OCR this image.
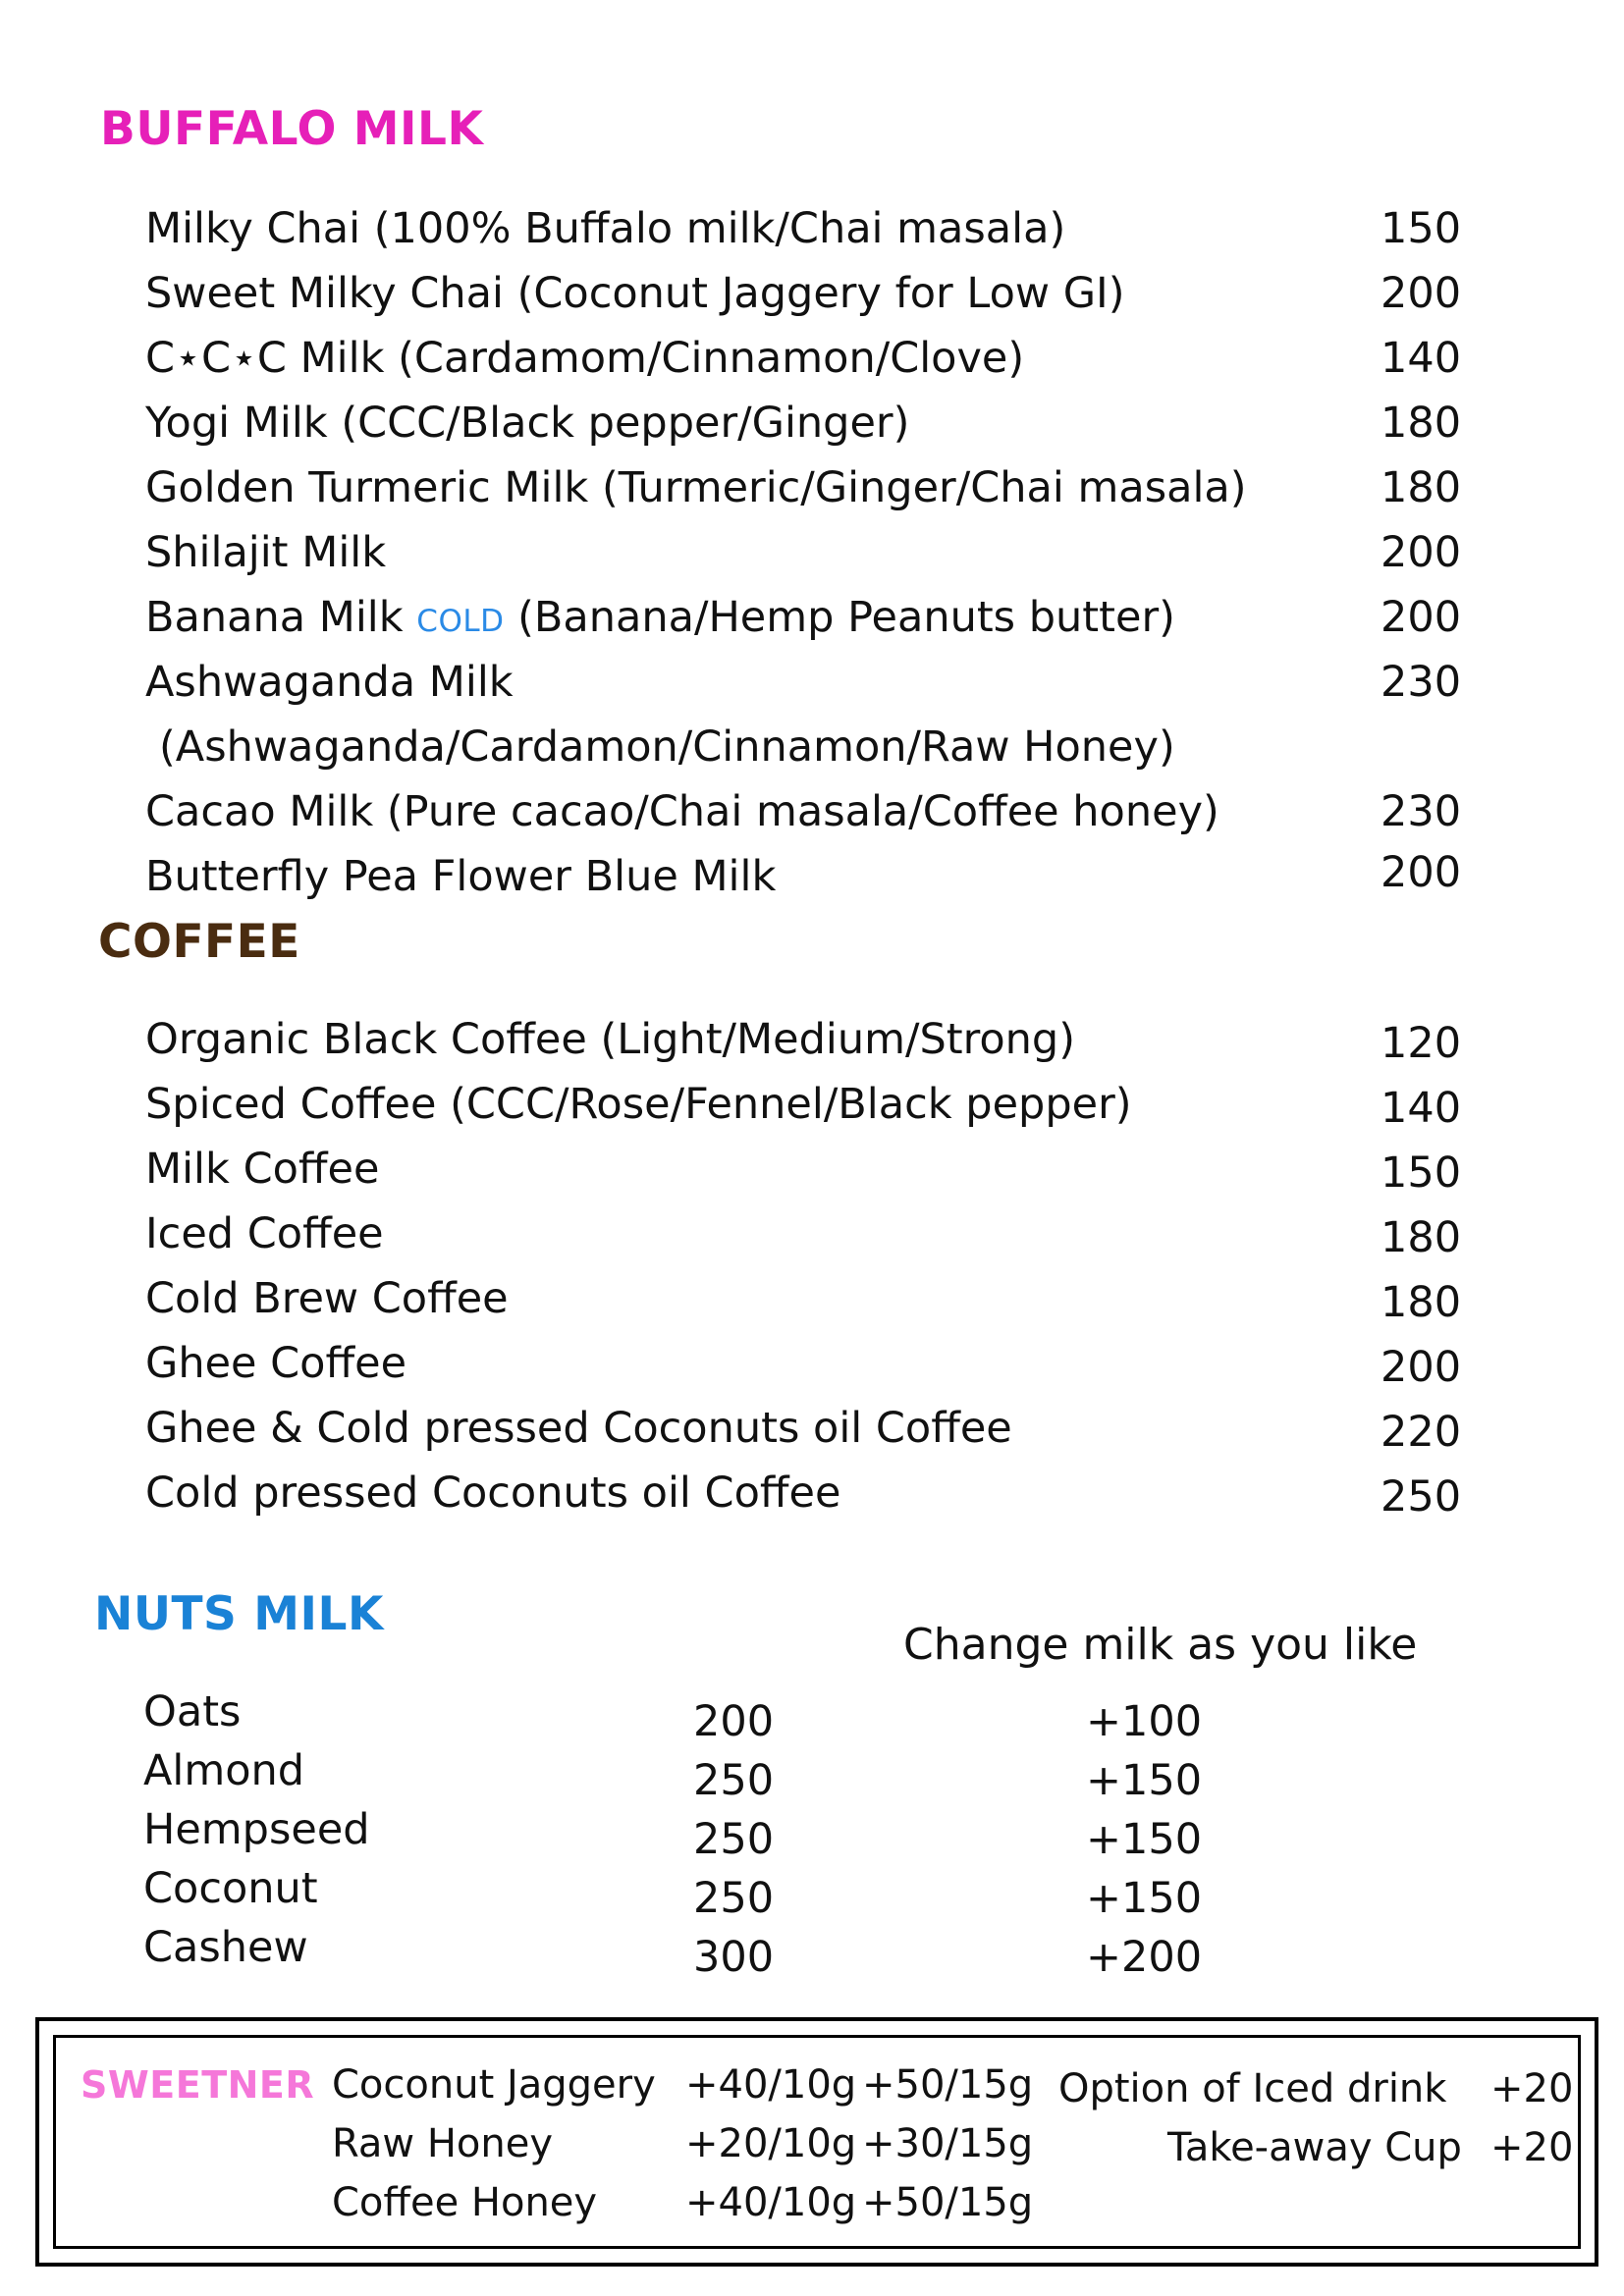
BUFFALO MILK
Milky Chai (100% Buffalo milk/Chai masala)	150
Sweet Milky Chai (Coconut Jaggery for Low GI)	200
C⋆C⋆C Milk (Cardamom/Cinnamon/Clove)	140
Yogi Milk (CCC/Black pepper/Ginger)	180
Golden Turmeric Milk (Turmeric/Ginger/Chai masala)	180
Shilajit Milk	200
Banana Milk COLD (Banana/Hemp Peanuts butter)	200
Ashwaganda Milk	230
(Ashwaganda/Cardamon/Cinnamon/Raw Honey)
Cacao Milk (Pure cacao/Chai masala/Coffee honey)	230
Butterfly Pea Flower Blue Milk	200
COFFEE
Organic Black Coffee (Light/Medium/Strong)	120
Spiced Coffee (CCC/Rose/Fennel/Black pepper)	140
Milk Coffee	150
Iced Coffee	180
Cold Brew Coffee	180
Ghee Coffee	200
Ghee & Cold pressed Coconuts oil Coffee	220
Cold pressed Coconuts oil Coffee	250
NUTS MILK
Change milk as you like
Oats	200	+100
Almond	250	+150
Hempseed	250	+150
Coconut	250	+150
Cashew	300	+200
SWEETNER Coconut Jaggery +40/10g +50/15g
Raw Honey	+20/10g +30/15g
Coffee Honey +40/10g +50/15g
Option of Iced drink +20
Take-away Cup +20
